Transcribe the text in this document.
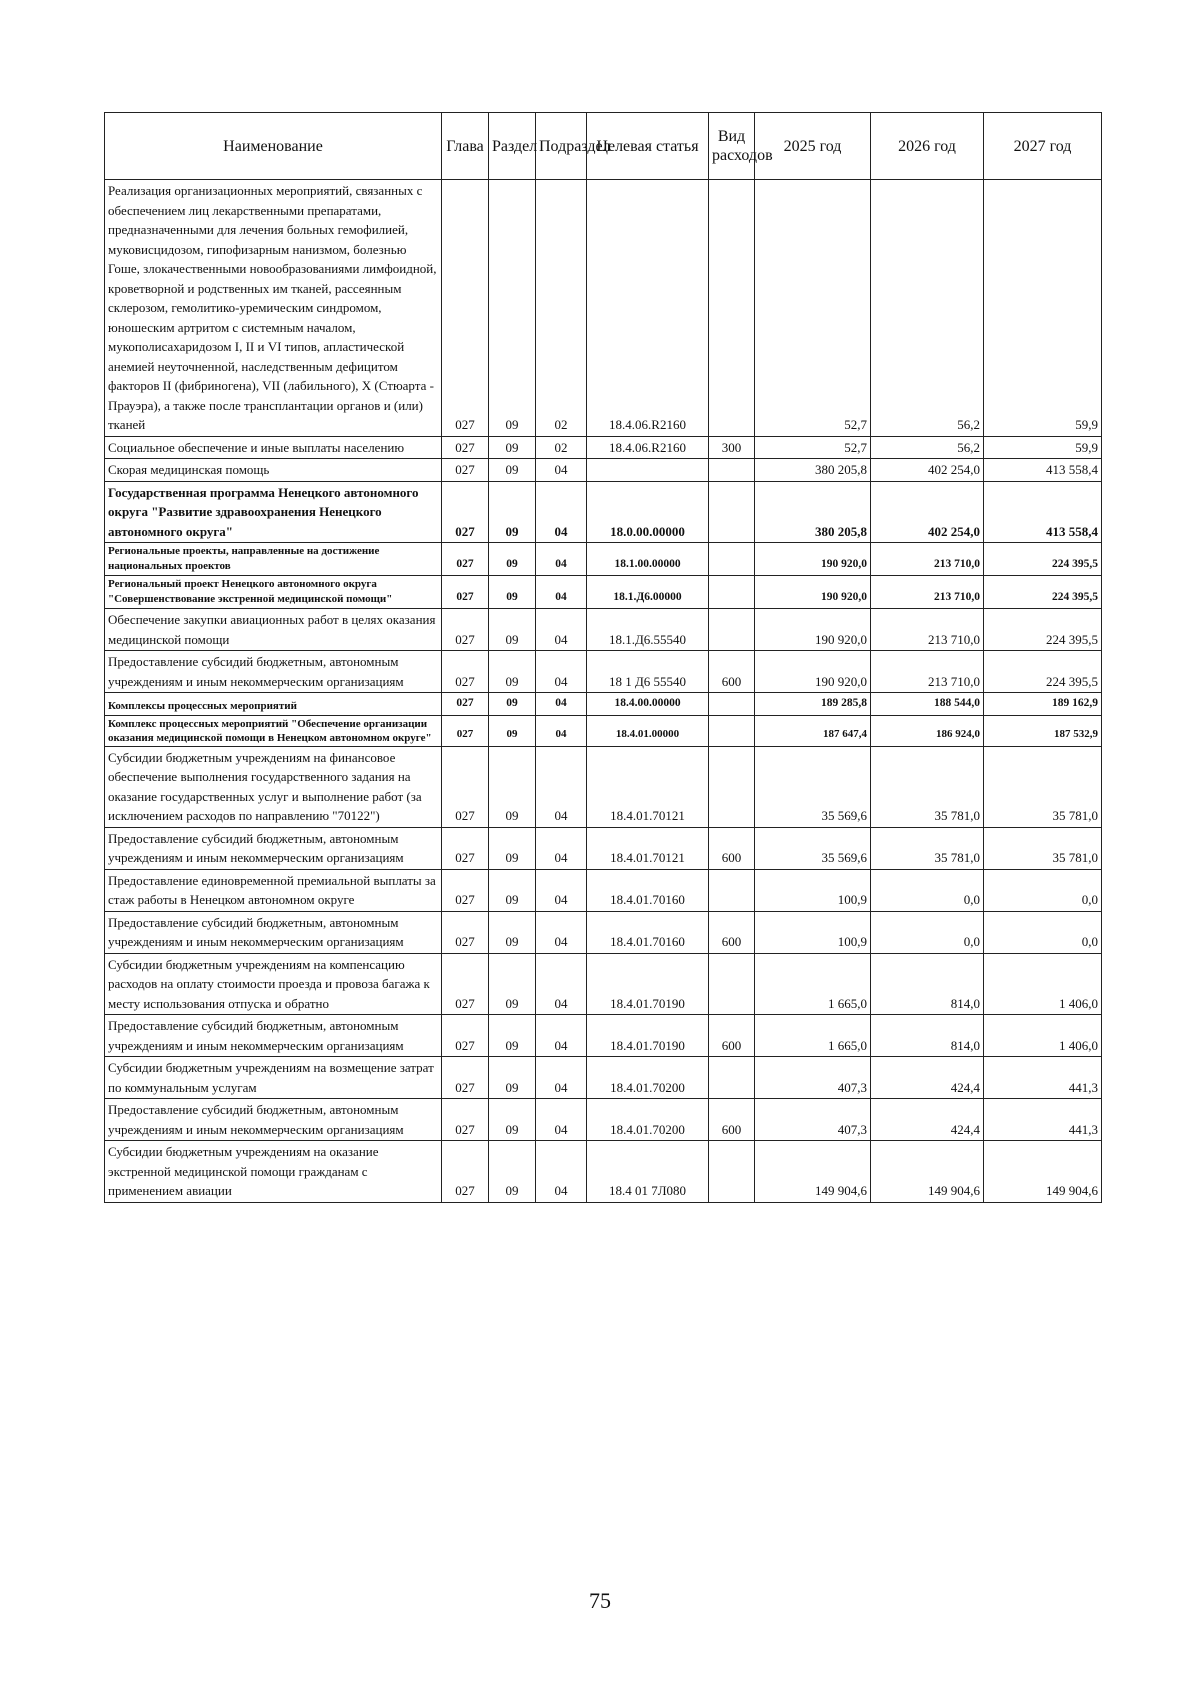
Наименование	Глава	Раздел	Подраздел	Целевая статья	Вид расходов	2025 год	2026 год	2027 год
Реализация организационных мероприятий, связанных с обеспечением лиц лекарственными препаратами, предназначенными для лечения больных гемофилией, муковисцидозом, гипофизарным нанизмом, болезнью Гоше, злокачественными новообразованиями лимфоидной, кроветворной и родственных им тканей, рассеянным склерозом, гемолитико-уремическим синдромом, юношеским артритом с системным началом, мукополисахаридозом I, II и VI типов, апластической анемией неуточненной, наследственным дефицитом факторов II (фибриногена), VII (лабильного), X (Стюарта - Прауэра), а также после трансплантации органов и (или) тканей	027	09	02	18.4.06.R2160		52,7	56,2	59,9
Социальное обеспечение и иные выплаты населению	027	09	02	18.4.06.R2160	300	52,7	56,2	59,9
Скорая медицинская помощь	027	09	04			380 205,8	402 254,0	413 558,4
Государственная программа Ненецкого автономного округа "Развитие здравоохранения Ненецкого автономного округа"	027	09	04	18.0.00.00000		380 205,8	402 254,0	413 558,4
Региональные проекты, направленные на достижение национальных проектов	027	09	04	18.1.00.00000		190 920,0	213 710,0	224 395,5
Региональный проект Ненецкого автономного округа "Совершенствование экстренной медицинской помощи"	027	09	04	18.1.Д6.00000		190 920,0	213 710,0	224 395,5
Обеспечение закупки авиационных работ в целях оказания медицинской помощи	027	09	04	18.1.Д6.55540		190 920,0	213 710,0	224 395,5
Предоставление субсидий бюджетным, автономным учреждениям и иным некоммерческим организациям	027	09	04	18 1 Д6 55540	600	190 920,0	213 710,0	224 395,5
Комплексы процессных мероприятий	027	09	04	18.4.00.00000		189 285,8	188 544,0	189 162,9
Комплекс процессных мероприятий "Обеспечение организации оказания медицинской помощи в Ненецком автономном округе"	027	09	04	18.4.01.00000		187 647,4	186 924,0	187 532,9
Субсидии бюджетным учреждениям на финансовое обеспечение выполнения государственного задания на оказание государственных услуг и выполнение работ (за исключением расходов по направлению "70122")	027	09	04	18.4.01.70121		35 569,6	35 781,0	35 781,0
Предоставление субсидий бюджетным, автономным учреждениям и иным некоммерческим организациям	027	09	04	18.4.01.70121	600	35 569,6	35 781,0	35 781,0
Предоставление единовременной премиальной выплаты за стаж работы в Ненецком автономном округе	027	09	04	18.4.01.70160		100,9	0,0	0,0
Предоставление субсидий бюджетным, автономным учреждениям и иным некоммерческим организациям	027	09	04	18.4.01.70160	600	100,9	0,0	0,0
Субсидии бюджетным учреждениям на компенсацию расходов на оплату стоимости проезда и провоза багажа к месту использования отпуска и обратно	027	09	04	18.4.01.70190		1 665,0	814,0	1 406,0
Предоставление субсидий бюджетным, автономным учреждениям и иным некоммерческим организациям	027	09	04	18.4.01.70190	600	1 665,0	814,0	1 406,0
Субсидии бюджетным учреждениям на возмещение затрат по коммунальным услугам	027	09	04	18.4.01.70200		407,3	424,4	441,3
Предоставление субсидий бюджетным, автономным учреждениям и иным некоммерческим организациям	027	09	04	18.4.01.70200	600	407,3	424,4	441,3
Субсидии бюджетным учреждениям на оказание экстренной медицинской помощи гражданам с применением авиации	027	09	04	18.4 01 7Л080		149 904,6	149 904,6	149 904,6
75
